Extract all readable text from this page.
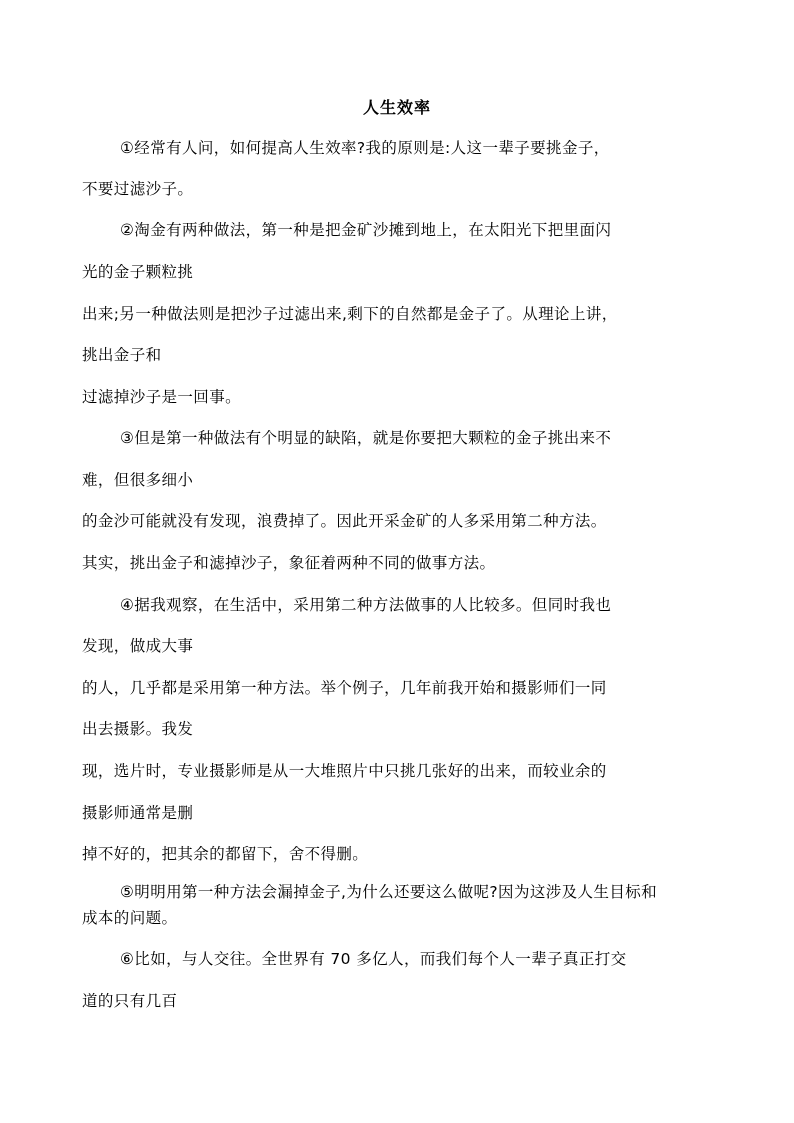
人生效率
①经常有人问，如何提高人生效率?我的原则是:人这一辈子要挑金子，
不要过滤沙子。
②淘金有两种做法，第一种是把金矿沙摊到地上，在太阳光下把里面闪
光的金子颗粒挑
出来;另一种做法则是把沙子过滤出来,剩下的自然都是金子了。从理论上讲，
挑出金子和
过滤掉沙子是一回事。
③但是第一种做法有个明显的缺陷，就是你要把大颗粒的金子挑出来不
难，但很多细小
的金沙可能就没有发现，浪费掉了。因此开采金矿的人多采用第二种方法。
其实，挑出金子和滤掉沙子，象征着两种不同的做事方法。
④据我观察，在生活中，采用第二种方法做事的人比较多。但同时我也
发现，做成大事
的人，几乎都是采用第一种方法。举个例子，几年前我开始和摄影师们一同
出去摄影。我发
现，选片时，专业摄影师是从一大堆照片中只挑几张好的出来，而较业余的
摄影师通常是删
掉不好的，把其余的都留下，舍不得删。
⑤明明用第一种方法会漏掉金子,为什么还要这么做呢?因为这涉及人生目标和
成本的问题。
⑥比如，与人交往。全世界有 70 多亿人，而我们每个人一辈子真正打交
道的只有几百
